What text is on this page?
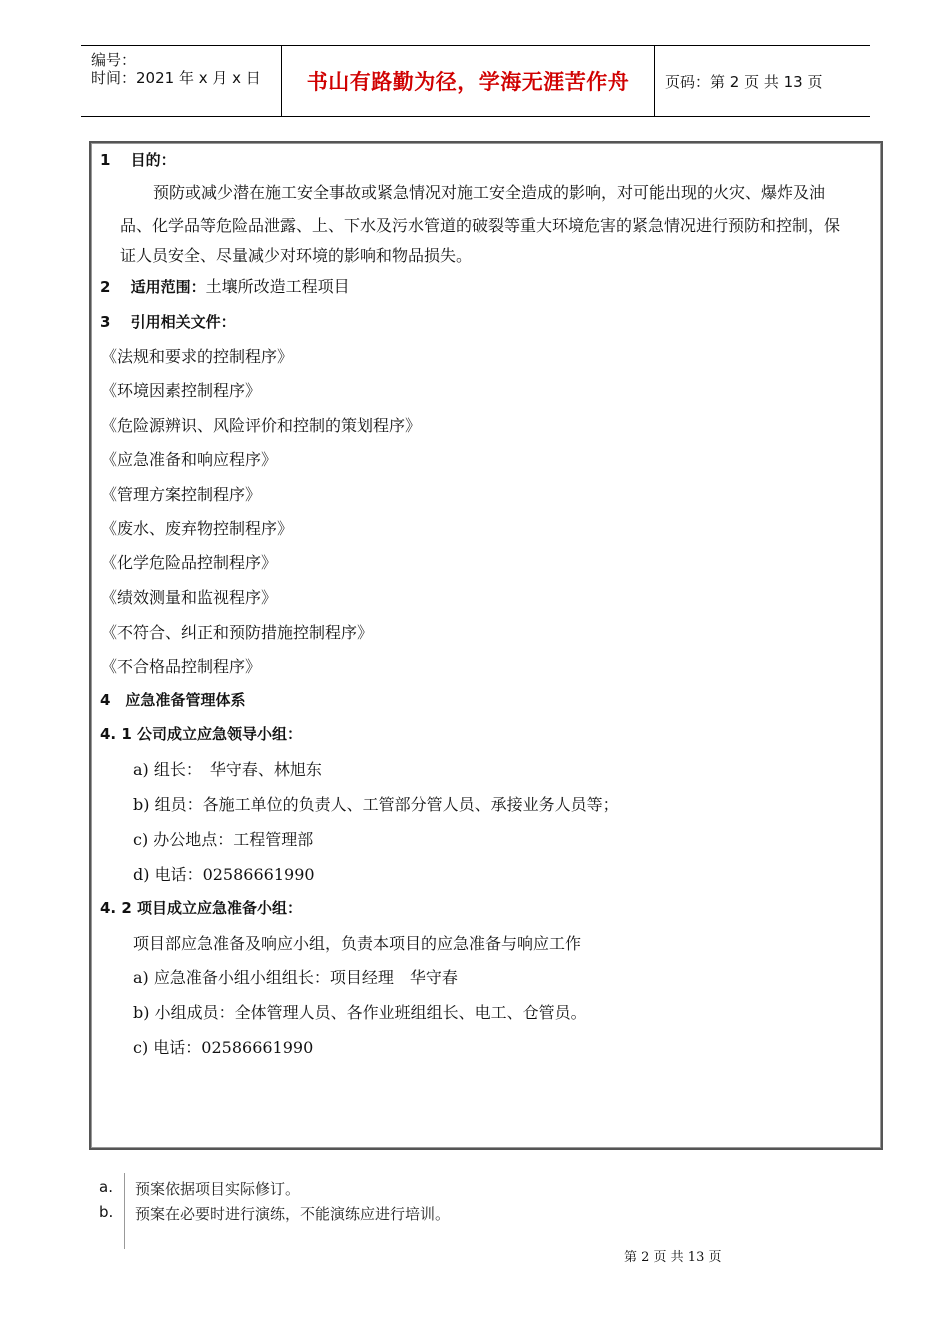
编号：
时间：2021 年 x 月 x 日	书山有路勤为径，学海无涯苦作舟	页码：第 2 页 共 13 页
1　 目的：
预防或减少潜在施工安全事故或紧急情况对施工安全造成的影响，对可能出现的火灾、爆炸及油
品、化学品等危险品泄露、上、下水及污水管道的破裂等重大环境危害的紧急情况进行预防和控制，保
证人员安全、尽量减少对环境的影响和物品损失。
2　 适用范围：土壤所改造工程项目
3　 引用相关文件：
《法规和要求的控制程序》
《环境因素控制程序》
《危险源辨识、风险评价和控制的策划程序》
《应急准备和响应程序》
《管理方案控制程序》
《废水、废弃物控制程序》
《化学危险品控制程序》
《绩效测量和监视程序》
《不符合、纠正和预防措施控制程序》
《不合格品控制程序》
4　应急准备管理体系
4. 1 公司成立应急领导小组：
a) 组长：　华守春、林旭东
b) 组员：各施工单位的负责人、工管部分管人员、承接业务人员等；
c) 办公地点：工程管理部
d) 电话：02586661990
4. 2 项目成立应急准备小组：
项目部应急准备及响应小组，负责本项目的应急准备与响应工作
a) 应急准备小组小组组长：项目经理　华守春
b) 小组成员：全体管理人员、各作业班组组长、电工、仓管员。
c) 电话：02586661990
a. 预案依据项目实际修订。
b. 预案在必要时进行演练，不能演练应进行培训。
第 2 页 共 13 页
